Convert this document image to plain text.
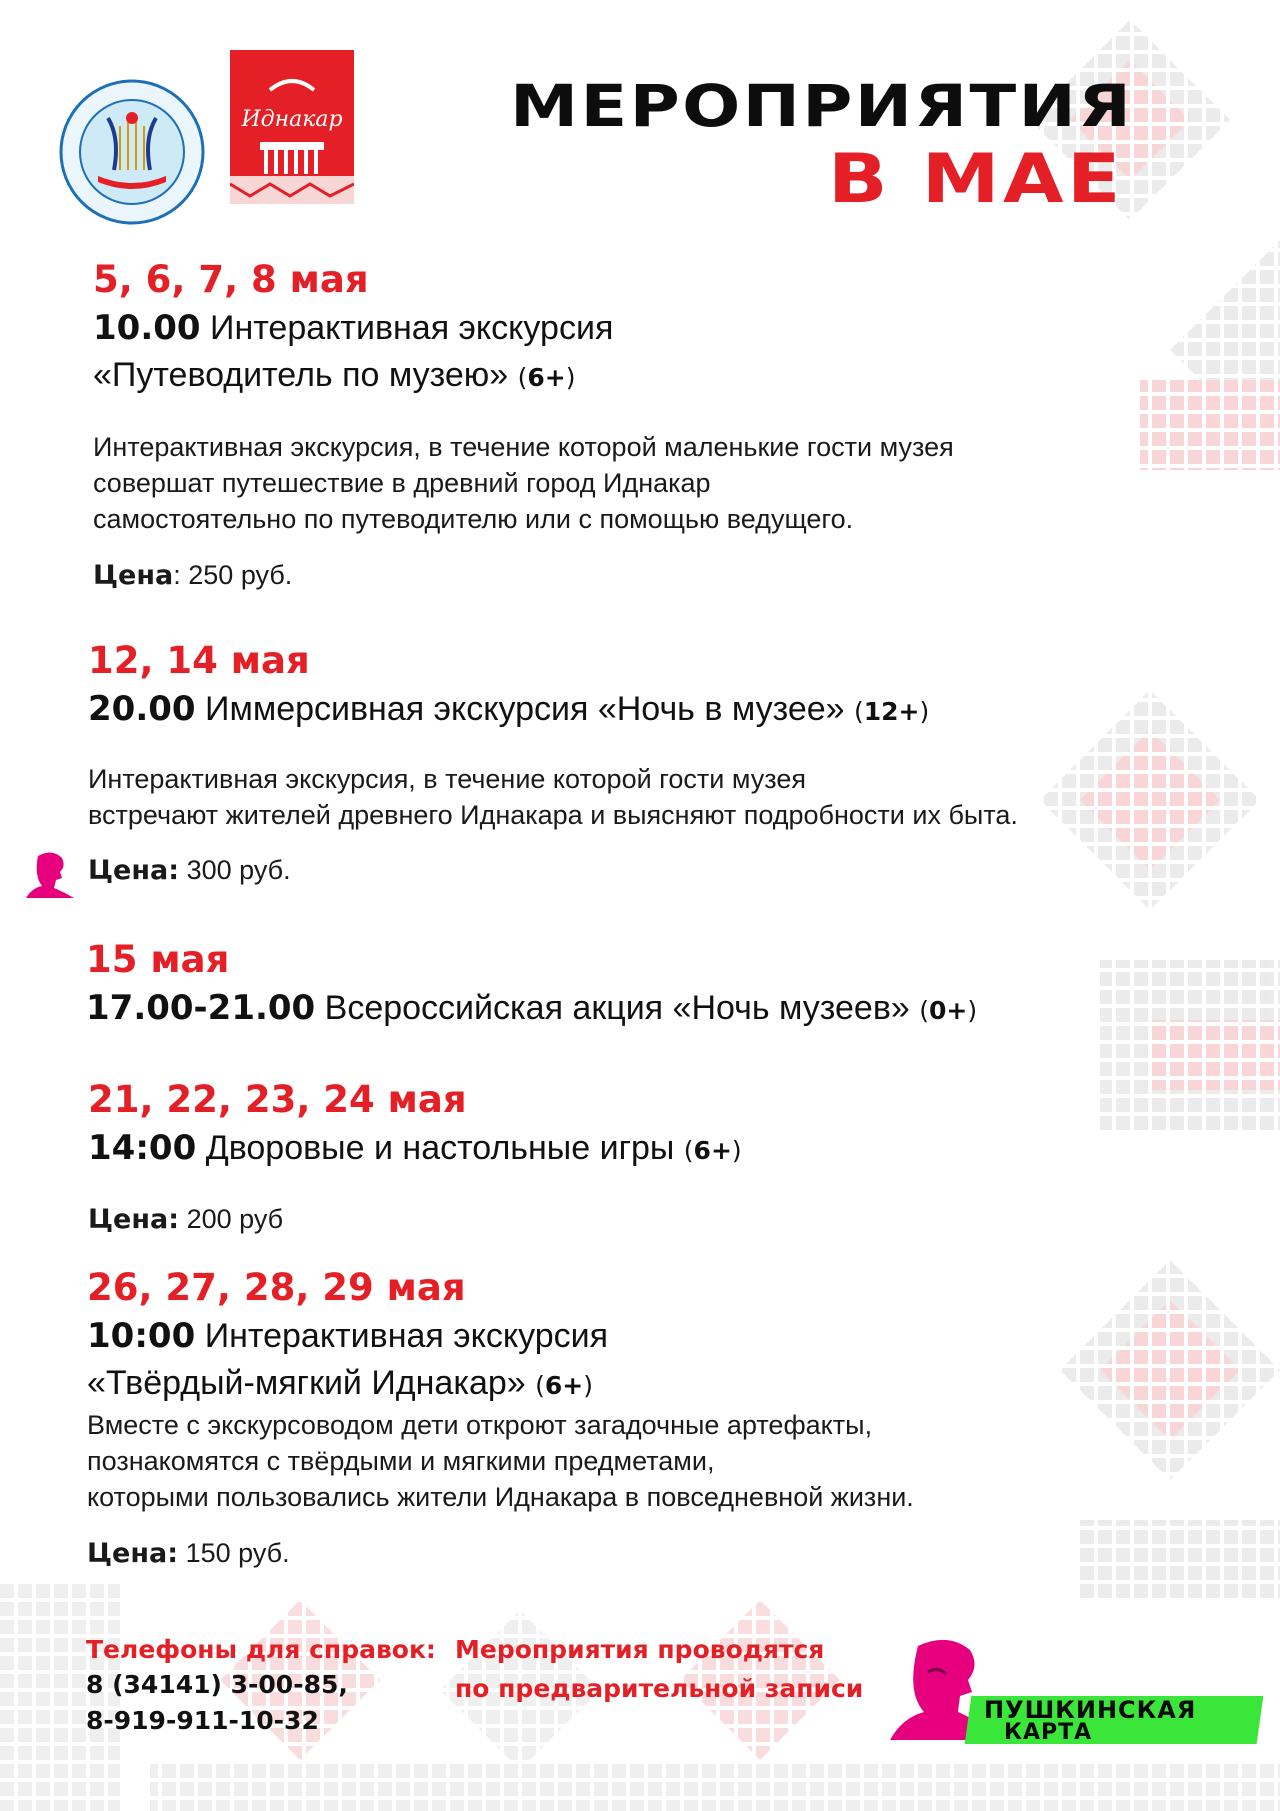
Иднакар	МЕРОПРИЯТИЯ
В МАЕ
5, 6, 7, 8 мая
10.00 Интерактивная экскурсия
«Путеводитель по музею» (6+)
Интерактивная экскурсия, в течение которой маленькие гости музея
совершат путешествие в древний город Иднакар
самостоятельно по путеводителю или с помощью ведущего.
Цена: 250 руб.
12, 14 мая
20.00 Иммерсивная экскурсия «Ночь в музее» (12+)
Интерактивная экскурсия, в течение которой гости музея
встречают жителей древнего Иднакара и выясняют подробности их быта.
Цена: 300 руб.
15 мая
17.00-21.00 Всероссийская акция «Ночь музеев» (0+)
21, 22, 23, 24 мая
14:00 Дворовые и настольные игры (6+)
Цена: 200 руб
26, 27, 28, 29 мая
10:00 Интерактивная экскурсия
«Твёрдый-мягкий Иднакар» (6+)
Вместе с экскурсоводом дети откроют загадочные артефакты,
познакомятся с твёрдыми и мягкими предметами,
которыми пользовались жители Иднакара в повседневной жизни.
Цена: 150 руб.
Телефоны для справок:
8 (34141) 3-00-85,
8-919-911-10-32
Мероприятия проводятся
по предварительной записи
ПУШКИНСКАЯ
КАРТА
